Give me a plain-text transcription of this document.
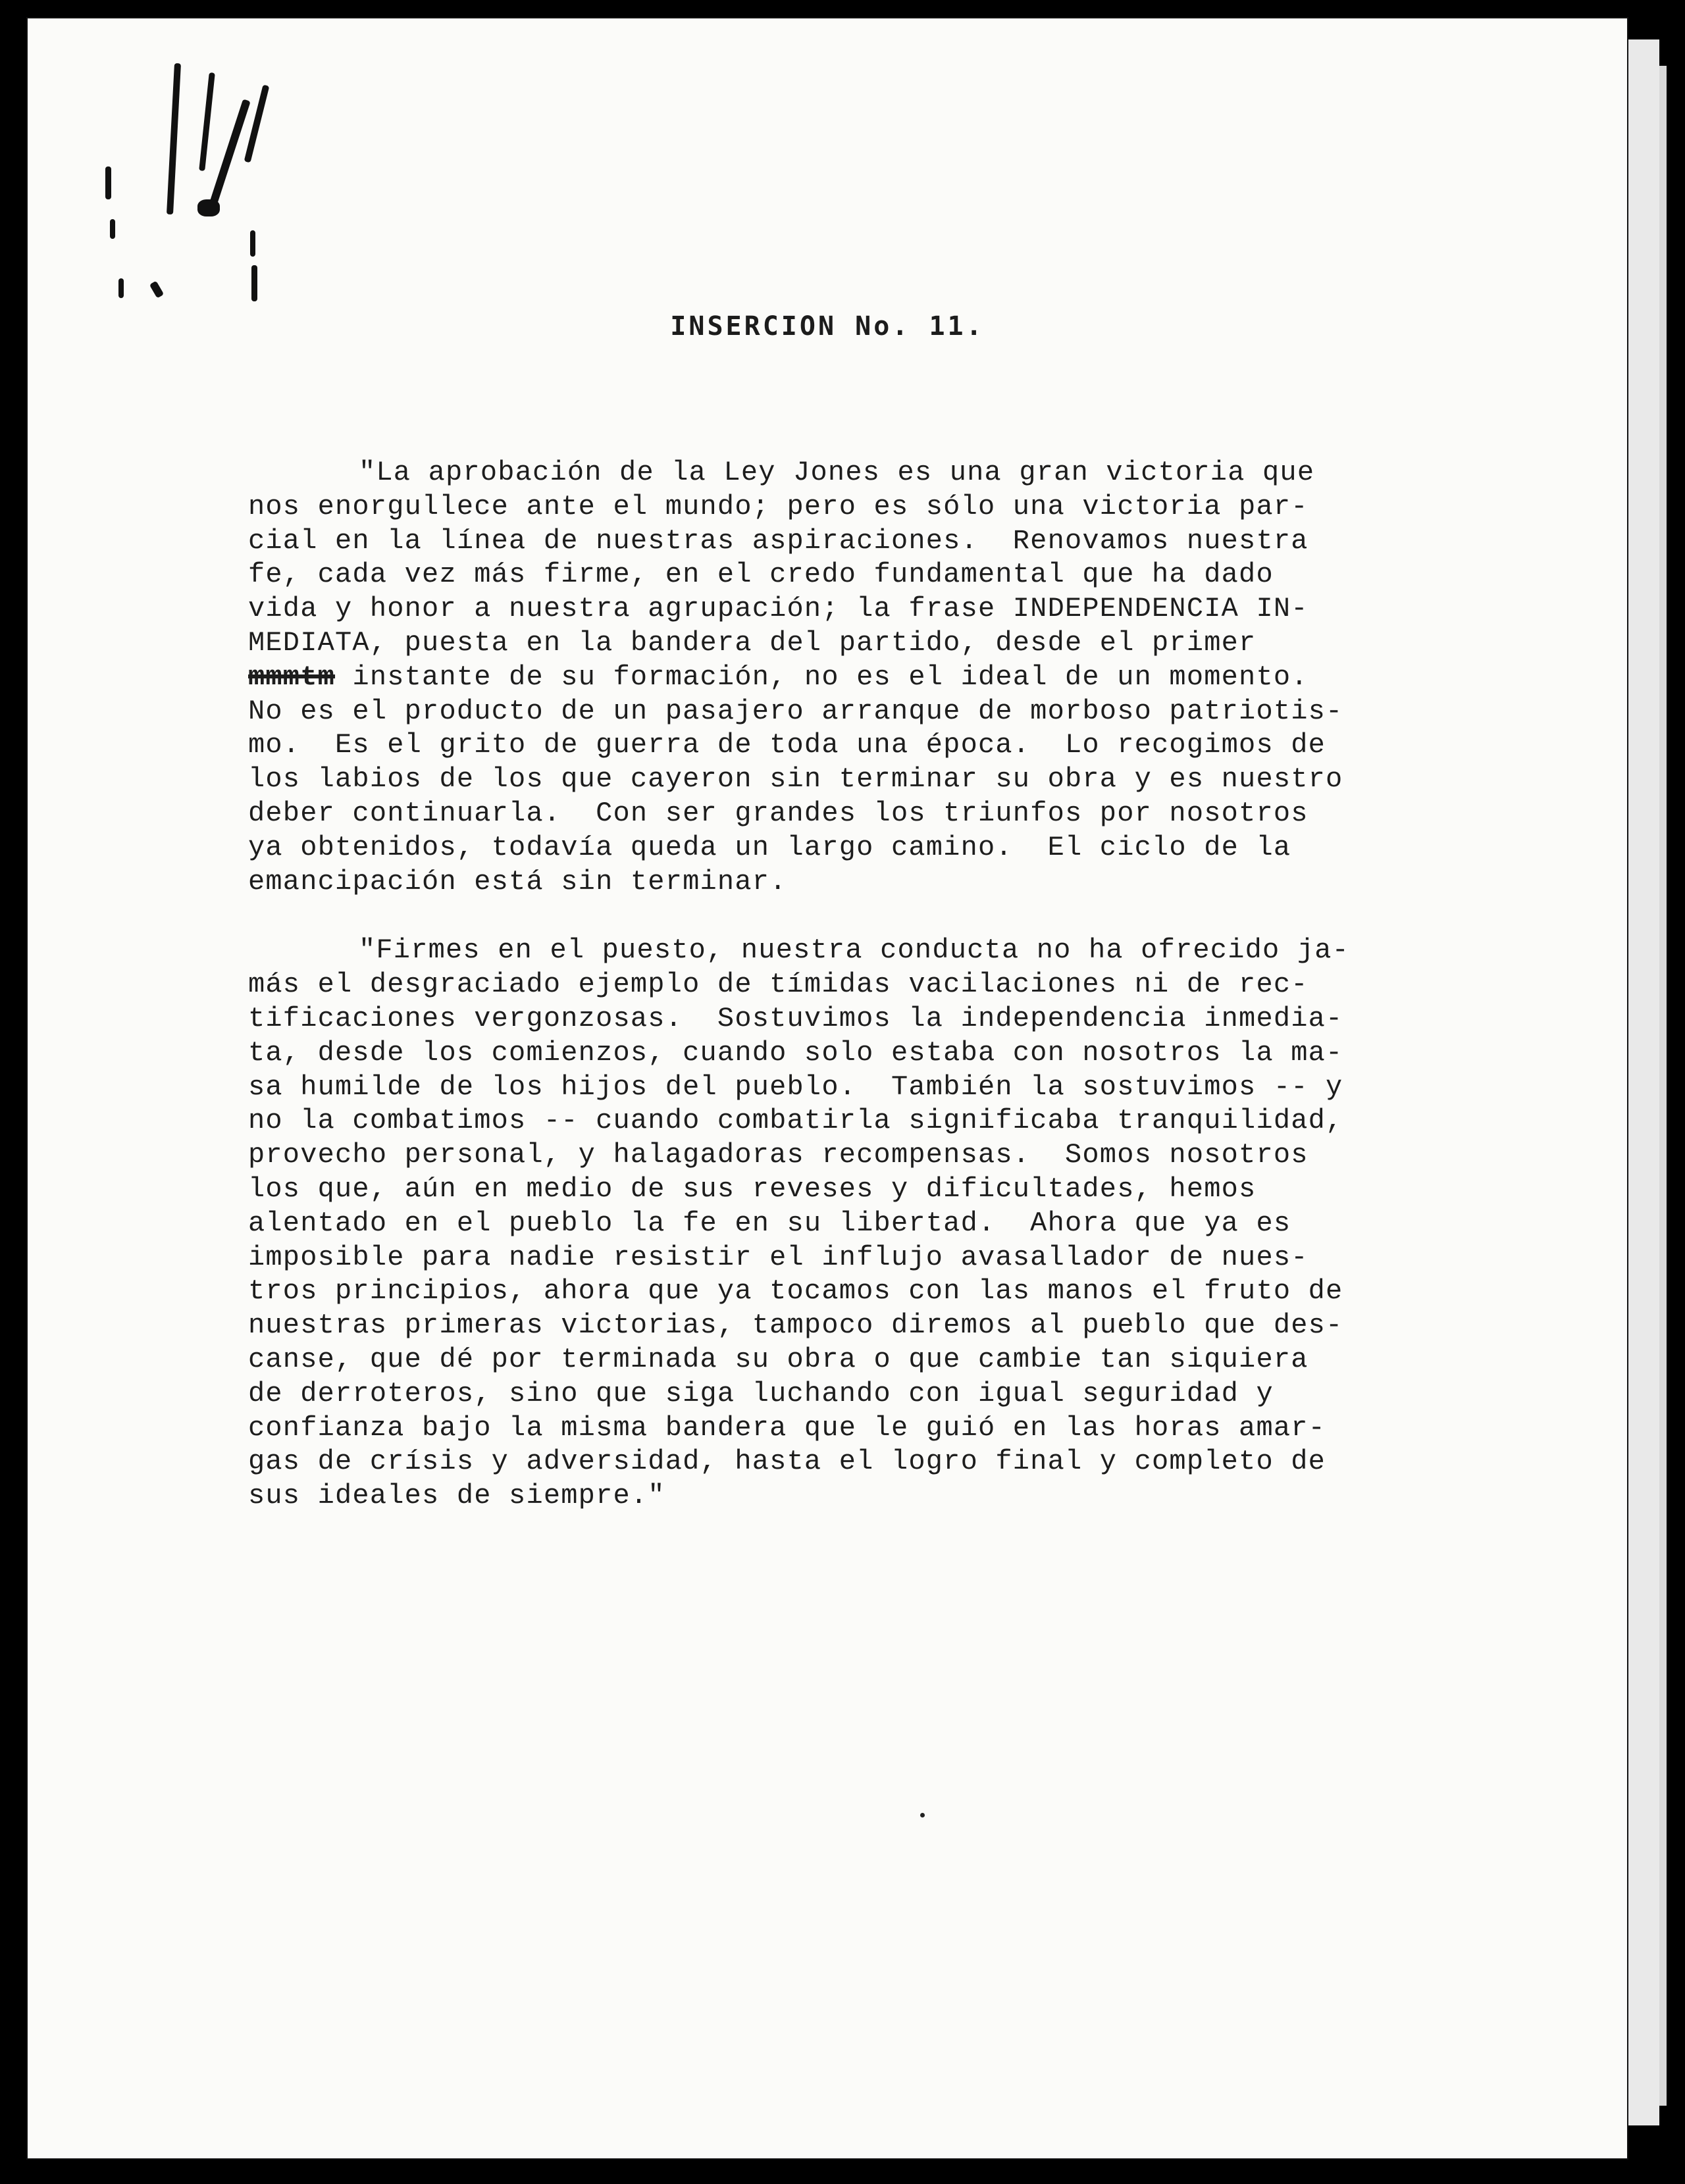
INSERCION No. 11.
"La aprobación de la Ley Jones es una gran victoria que
nos enorgullece ante el mundo; pero es sólo una victoria par-
cial en la línea de nuestras aspiraciones.  Renovamos nuestra
fe, cada vez más firme, en el credo fundamental que ha dado
vida y honor a nuestra agrupación; la frase INDEPENDENCIA IN-
MEDIATA, puesta en la bandera del partido, desde el primer
mmmtm instante de su formación, no es el ideal de un momento.
No es el producto de un pasajero arranque de morboso patriotis-
mo.  Es el grito de guerra de toda una época.  Lo recogimos de
los labios de los que cayeron sin terminar su obra y es nuestro
deber continuarla.  Con ser grandes los triunfos por nosotros
ya obtenidos, todavía queda un largo camino.  El ciclo de la
emancipación está sin terminar.
"Firmes en el puesto, nuestra conducta no ha ofrecido ja-
más el desgraciado ejemplo de tímidas vacilaciones ni de rec-
tificaciones vergonzosas.  Sostuvimos la independencia inmedia-
ta, desde los comienzos, cuando solo estaba con nosotros la ma-
sa humilde de los hijos del pueblo.  También la sostuvimos -- y
no la combatimos -- cuando combatirla significaba tranquilidad,
provecho personal, y halagadoras recompensas.  Somos nosotros
los que, aún en medio de sus reveses y dificultades, hemos
alentado en el pueblo la fe en su libertad.  Ahora que ya es
imposible para nadie resistir el influjo avasallador de nues-
tros principios, ahora que ya tocamos con las manos el fruto de
nuestras primeras victorias, tampoco diremos al pueblo que des-
canse, que dé por terminada su obra o que cambie tan siquiera
de derroteros, sino que siga luchando con igual seguridad y
confianza bajo la misma bandera que le guió en las horas amar-
gas de crísis y adversidad, hasta el logro final y completo de
sus ideales de siempre."
